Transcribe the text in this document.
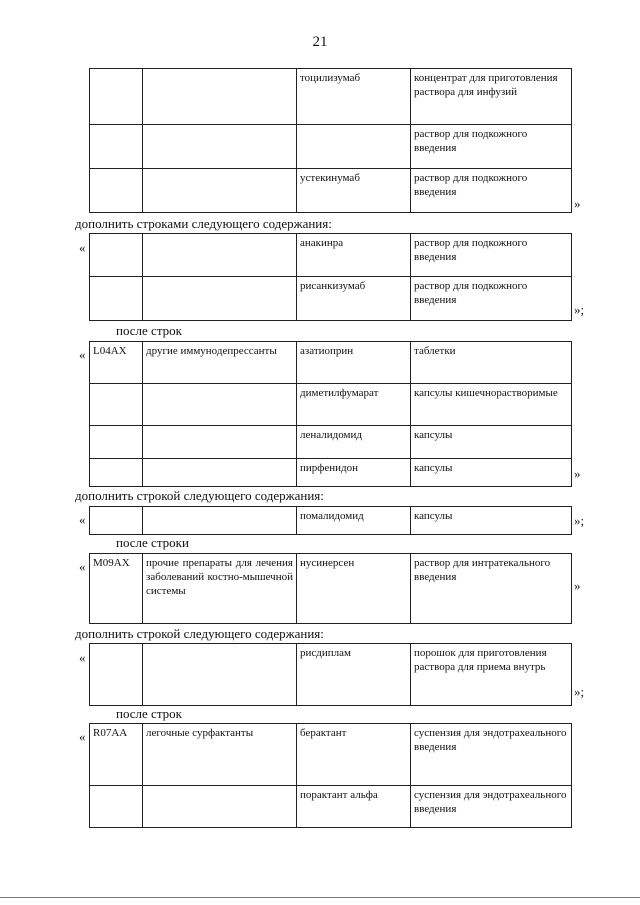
21
		тоцилизумаб	концентрат для приготовления раствора для инфузий
			раствор для подкожного введения
		устекинумаб	раствор для подкожного введения
»
дополнить строками следующего содержания:
«
			анакинра	раствор для подкожного введения
		рисанкизумаб	раствор для подкожного введения
»;
после строк
« L04AX	другие иммунодепрессанты	азатиоприн	таблетки
		диметилфумарат	капсулы кишечнорастворимые
		леналидомид	капсулы
		пирфенидон	капсулы	»
дополнить строкой следующего содержания:
«
			помалидомид	капсулы	»;
после строки
« M09AX	прочие препараты для лечения заболеваний костно-мышечной системы	нусинерсен	раствор для интратекального введения
»
дополнить строкой следующего содержания:
«
			рисдиплам	порошок для приготовления раствора для приема внутрь
»;
после строк
« R07AA	легочные сурфактанты	берактант	суспензия для эндотрахеального введения
		порактант альфа	суспензия для эндотрахеального введения
